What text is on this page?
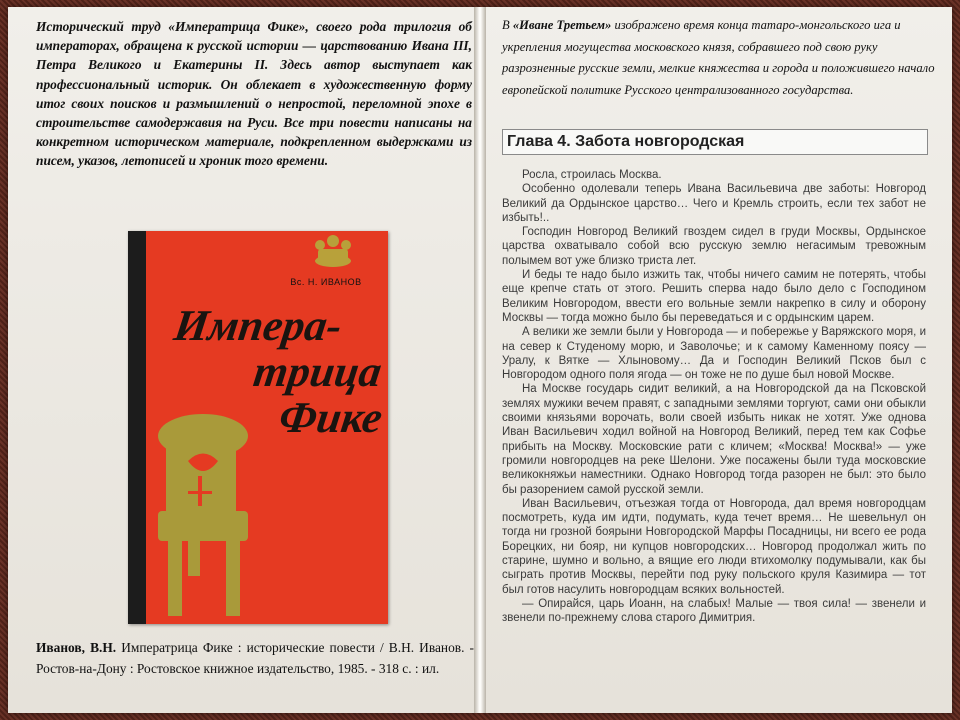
Исторический труд «Императрица Фике», своего рода трилогия об императорах, обращена к русской истории — царствованию Ивана III, Петра Великого и Екатерины II. Здесь автор выступает как профессиональный историк. Он облекает в художественную форму итог своих поисков и размышлений о непростой, переломной эпохе в строительстве самодержавия на Руси. Все три повести написаны на конкретном историческом материале, подкрепленном выдержками из писем, указов, летописей и хроник того времени.
Вс. Н. ИВАНОВ
Импера-
трица
Фике
Иванов, В.Н. Императрица Фике : исторические повести / В.Н. Иванов. - Ростов-на-Дону : Ростовское книжное издательство, 1985. - 318 с. : ил.
В «Иване Третьем» изображено время конца татаро-монгольского ига и укрепления могущества московского князя, собравшего под свою руку разрозненные русские земли, мелкие княжества и города и положившего начало европейской политике Русского централизованного государства.
Глава 4. Забота новгородская

Росла, строилась Москва.

Особенно одолевали теперь Ивана Васильевича две заботы: Новгород Великий да Ордынское царство… Чего и Кремль строить, если тех забот не избыть!..

Господин Новгород Великий гвоздем сидел в груди Москвы, Ордынское царства охватывало собой всю русскую землю негасимым тревожным полымем вот уже близко триста лет.

И беды те надо было изжить так, чтобы ничего самим не потерять, чтобы еще крепче стать от этого. Решить сперва надо было дело с Господином Великим Новгородом, ввести его вольные земли накрепко в силу и оборону Москвы — тогда можно было бы переведаться и с ордынским царем.

А велики же земли были у Новгорода — и побережье у Варяжского моря, и на север к Студеному морю, и Заволочье; и к самому Каменному поясу — Уралу, к Вятке — Хлыновому… Да и Господин Великий Псков был с Новгородом одного поля ягода — он тоже не по душе был новой Москве.

На Москве государь сидит великий, а на Новгородской да на Псковской землях мужики вечем правят, с западными землями торгуют, сами они обыкли своими князьями ворочать, воли своей избыть никак не хотят. Уже однова Иван Васильевич ходил войной на Новгород Великий, перед тем как Софье прибыть на Москву. Московские рати с кличем; «Москва! Москва!» — уже громили новгородцев на реке Шелони. Уже посажены были туда московские великокняжьи наместники. Однако Новгород тогда разорен не был: это было бы разорением самой русской земли.

Иван Васильевич, отъезжая тогда от Новгорода, дал время новгородцам посмотреть, куда им идти, подумать, куда течет время… Не шевельнул он тогда ни грозной боярыни Новгородской Марфы Посадницы, ни всего ее рода Борецких, ни бояр, ни купцов новгородских… Новгород продолжал жить по старине, шумно и вольно, а вящие его люди втихомолку подумывали, как бы сыграть против Москвы, перейти под руку польского круля Казимира — тот был готов насулить новгородцам всяких вольностей.

— Опирайся, царь Иоанн, на слабых! Малые — твоя сила! — звенели и звенели по-прежнему слова старого Димитрия.
